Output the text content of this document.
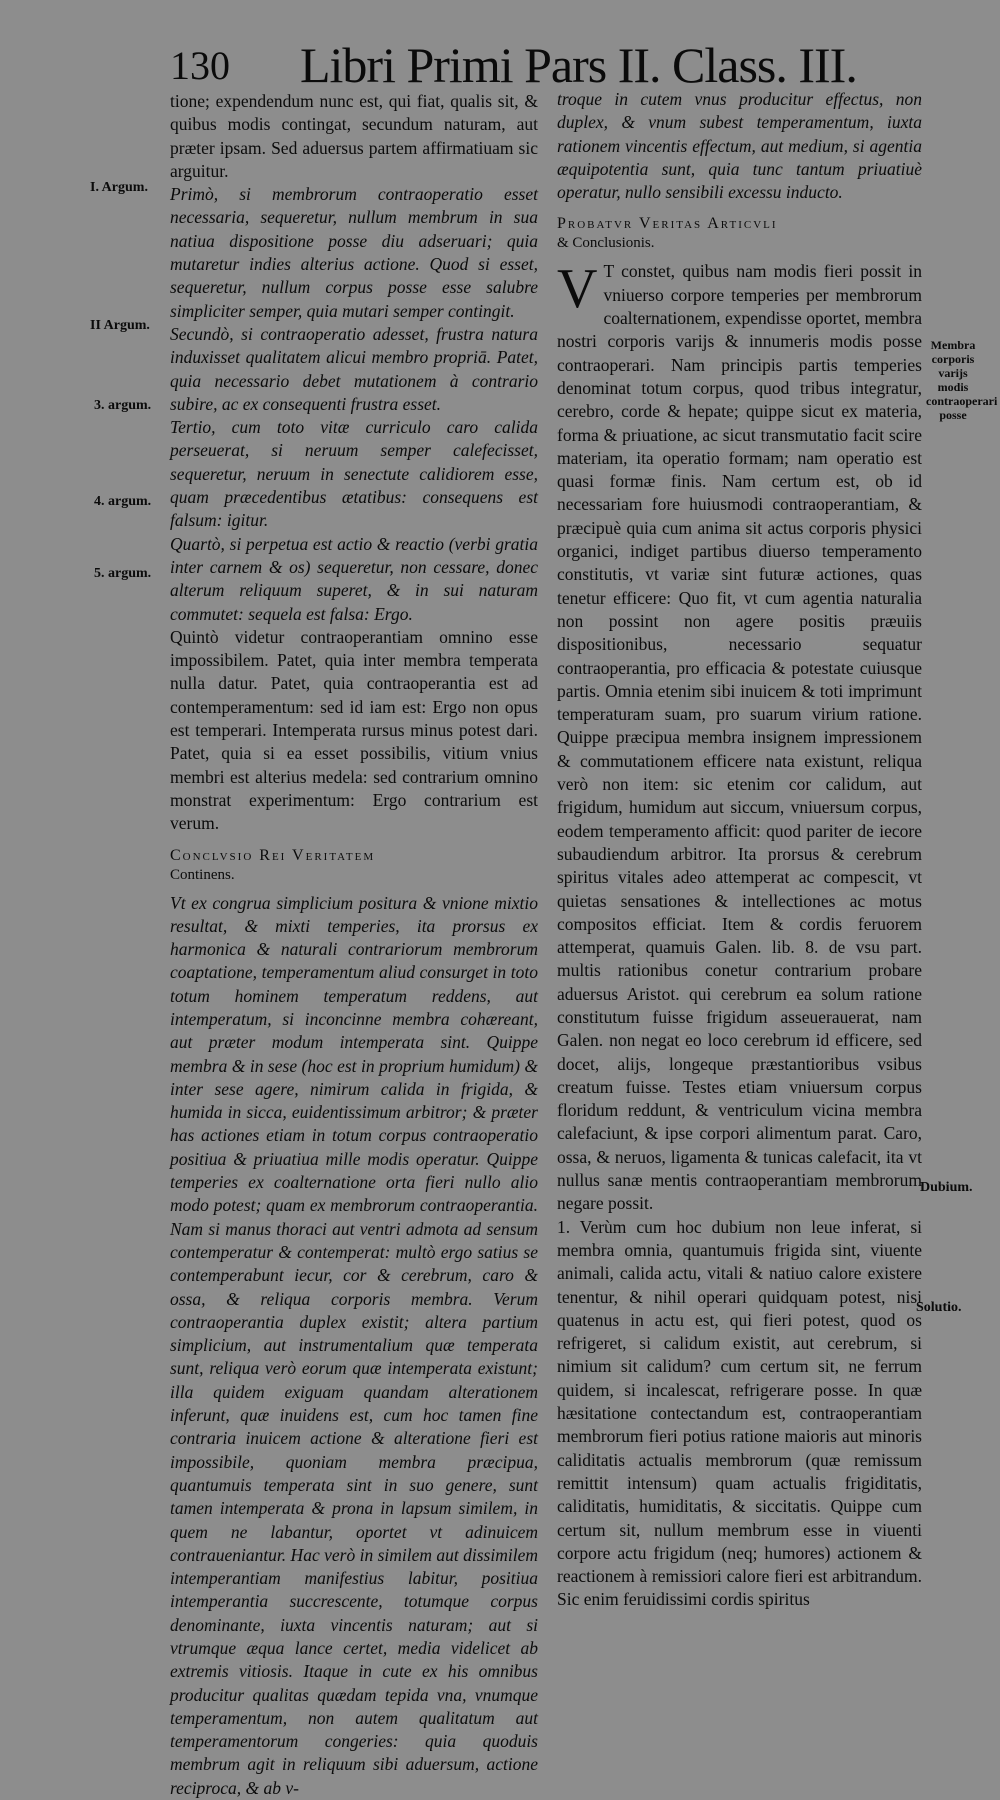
130 Libri Primi Pars II. Class. III.
I. Argum.
II Argum.
3. argum.
4. argum.
5. argum.
Membra corporis varijs modis contraoperari posse
Dubium.
Solutio.

tione; expendendum nunc est, qui fiat, qualis sit, & quibus modis contingat, secundum naturam, aut præter ipsam. Sed aduersus partem affirmatiuam sic arguitur.

Primò, si membrorum contraoperatio esset necessaria, sequeretur, nullum membrum in sua natiua dispositione posse diu adseruari; quia mutaretur indies alterius actione. Quod si esset, sequeretur, nullum corpus posse esse salubre simpliciter semper, quia mutari semper contingit.

Secundò, si contraoperatio adesset, frustra natura induxisset qualitatem alicui membro propriā. Patet, quia necessario debet mutationem à contrario subire, ac ex consequenti frustra esset.

Tertio, cum toto vitæ curriculo caro calida perseuerat, si neruum semper calefecisset, sequeretur, neruum in senectute calidiorem esse, quam præcedentibus ætatibus: consequens est falsum: igitur.

Quartò, si perpetua est actio & reactio (verbi gratia inter carnem & os) sequeretur, non cessare, donec alterum reliquum superet, & in sui naturam commutet: sequela est falsa: Ergo.

Quintò videtur contraoperantiam omnino esse impossibilem. Patet, quia inter membra temperata nulla datur. Patet, quia contraoperantia est ad contemperamentum: sed id iam est: Ergo non opus est temperari. Intemperata rursus minus potest dari. Patet, quia si ea esset possibilis, vitium vnius membri est alterius medela: sed contrarium omnino monstrat experimentum: Ergo contrarium est verum.

Conclvsio Rei Veritatem

Continens.

Vt ex congrua simplicium positura & vnione mixtio resultat, & mixti temperies, ita prorsus ex harmonica & naturali contrariorum membrorum coaptatione, temperamentum aliud consurget in toto totum hominem temperatum reddens, aut intemperatum, si inconcinne membra cohæreant, aut præter modum intemperata sint. Quippe membra & in sese (hoc est in proprium humidum) & inter sese agere, nimirum calida in frigida, & humida in sicca, euidentissimum arbitror; & præter has actiones etiam in totum corpus contraoperatio positiua & priuatiua mille modis operatur. Quippe temperies ex coalternatione orta fieri nullo alio modo potest; quam ex membrorum contraoperantia. Nam si manus thoraci aut ventri admota ad sensum contemperatur & contemperat: multò ergo satius se contemperabunt iecur, cor & cerebrum, caro & ossa, & reliqua corporis membra. Verum contraoperantia duplex existit; altera partium simplicium, aut instrumentalium quæ temperata sunt, reliqua verò eorum quæ intemperata existunt; illa quidem exiguam quandam alterationem inferunt, quæ inuidens est, cum hoc tamen fine contraria inuicem actione & alteratione fieri est impossibile, quoniam membra præcipua, quantumuis temperata sint in suo genere, sunt tamen intemperata & prona in lapsum similem, in quem ne labantur, oportet vt adinuicem contraueniantur. Hac verò in similem aut dissimilem intemperantiam manifestius labitur, positiua intemperantia succrescente, totumque corpus denominante, iuxta vincentis naturam; aut si vtrumque æqua lance certet, media videlicet ab extremis vitiosis. Itaque in cute ex his omnibus producitur qualitas quædam tepida vna, vnumque temperamentum, non autem qualitatum aut temperamentorum congeries: quia quoduis membrum agit in reliquum sibi aduersum, actione reciproca, & ab v-

troque in cutem vnus producitur effectus, non duplex, & vnum subest temperamentum, iuxta rationem vincentis effectum, aut medium, si agentia æquipotentia sunt, quia tunc tantum priuatiuè operatur, nullo sensibili excessu inducto.

Probatvr Veritas Articvli

& Conclusionis.

V T constet, quibus nam modis fieri possit in vniuerso corpore temperies per membrorum coalternationem, expendisse oportet, membra nostri corporis varijs & innumeris modis posse contraoperari. Nam principis partis temperies denominat totum corpus, quod tribus integratur, cerebro, corde & hepate; quippe sicut ex materia, forma & priuatione, ac sicut transmutatio facit scire materiam, ita operatio formam; nam operatio est quasi formæ finis. Nam certum est, ob id necessariam fore huiusmodi contraoperantiam, & præcipuè quia cum anima sit actus corporis physici organici, indiget partibus diuerso temperamento constitutis, vt variæ sint futuræ actiones, quas tenetur efficere: Quo fit, vt cum agentia naturalia non possint non agere positis præuiis dispositionibus, necessario sequatur contraoperantia, pro efficacia & potestate cuiusque partis. Omnia etenim sibi inuicem & toti imprimunt temperaturam suam, pro suarum virium ratione. Quippe præcipua membra insignem impressionem & commutationem efficere nata existunt, reliqua verò non item: sic etenim cor calidum, aut frigidum, humidum aut siccum, vniuersum corpus, eodem temperamento afficit: quod pariter de iecore subaudiendum arbitror. Ita prorsus & cerebrum spiritus vitales adeo attemperat ac compescit, vt quietas sensationes & intellectiones ac motus compositos efficiat. Item & cordis feruorem attemperat, quamuis Galen. lib. 8. de vsu part. multis rationibus conetur contrarium probare aduersus Aristot. qui cerebrum ea solum ratione constitutum fuisse frigidum asseuerauerat, nam Galen. non negat eo loco cerebrum id efficere, sed docet, alijs, longeque præstantioribus vsibus creatum fuisse. Testes etiam vniuersum corpus floridum reddunt, & ventriculum vicina membra calefaciunt, & ipse corpori alimentum parat. Caro, ossa, & neruos, ligamenta & tunicas calefacit, ita vt nullus sanæ mentis contraoperantiam membrorum negare possit.

1. Verùm cum hoc dubium non leue inferat, si membra omnia, quantumuis frigida sint, viuente animali, calida actu, vitali & natiuo calore existere tenentur, & nihil operari quidquam potest, nisi quatenus in actu est, qui fieri potest, quod os refrigeret, si calidum existit, aut cerebrum, si nimium sit calidum? cum certum sit, ne ferrum quidem, si incalescat, refrigerare posse. In quæ hæsitatione contectandum est, contraoperantiam membrorum fieri potius ratione maioris aut minoris caliditatis actualis membrorum (quæ remissum remittit intensum) quam actualis frigiditatis, caliditatis, humiditatis, & siccitatis. Quippe cum certum sit, nullum membrum esse in viuenti corpore actu frigidum (neq; humores) actionem & reactionem à remissiori calore fieri est arbitrandum. Sic enim feruidissimi cordis spiritus
